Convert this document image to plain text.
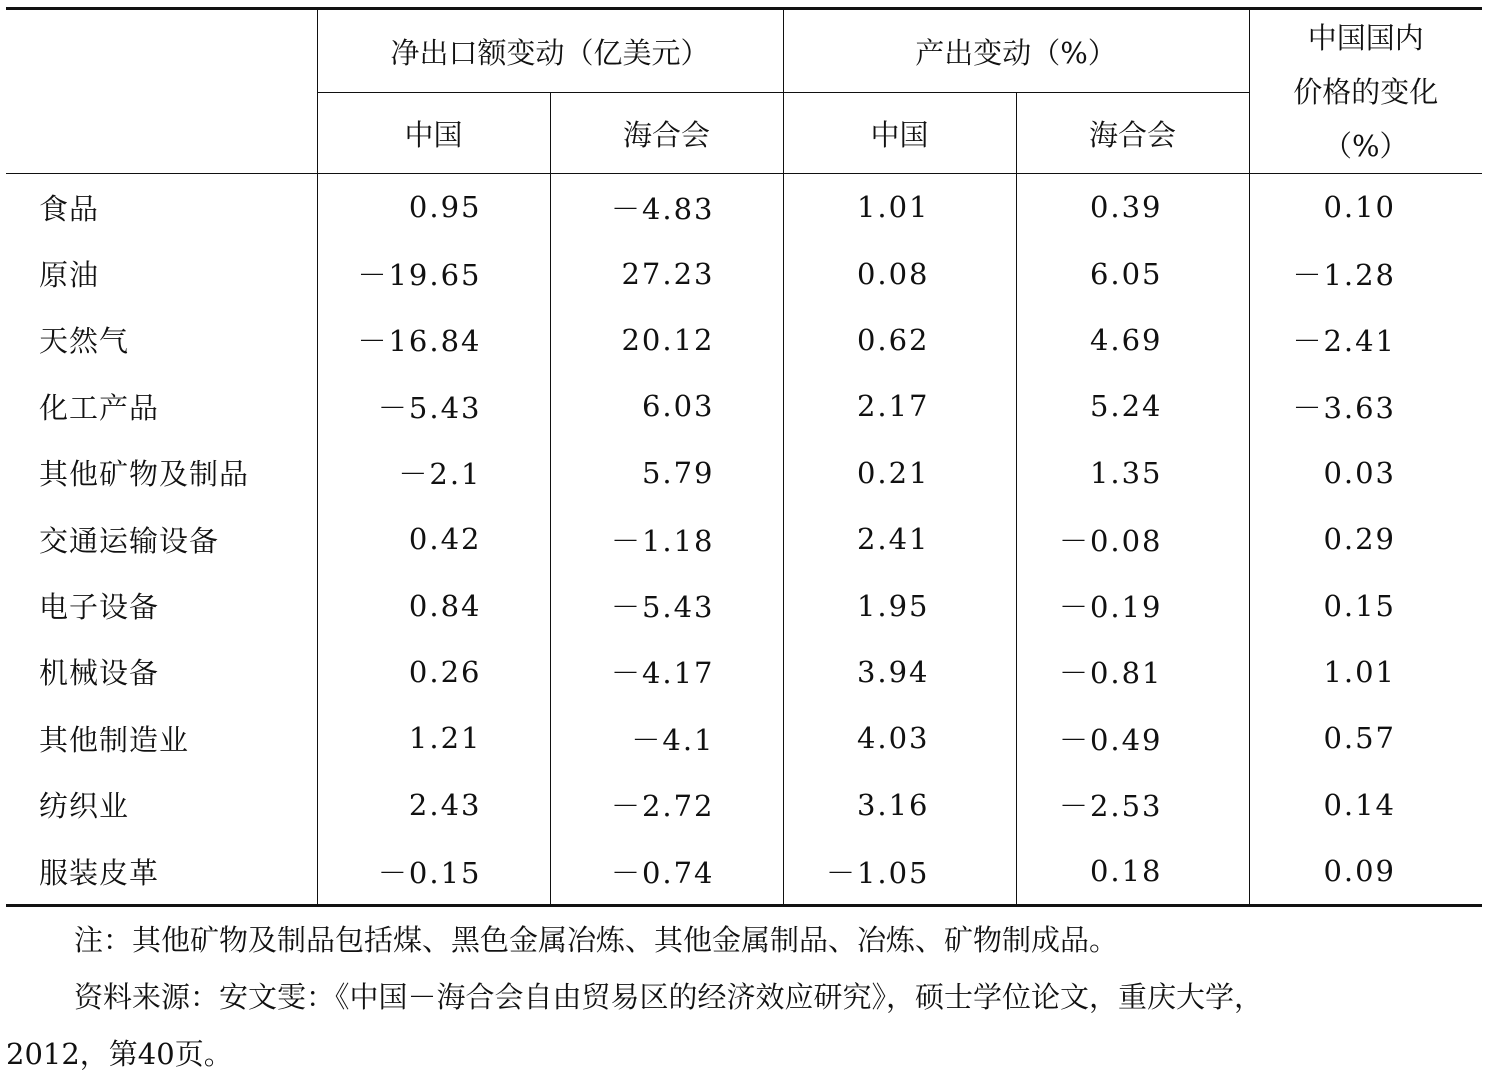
	净出口额变动（亿美元）		产出变动（%）		中国国内
价格的变化
（%）

	中国	海合会	中国	海合会	
食品	0.95	－4.83	1.01	0.39	0.10
原油	－19.65	27.23	0.08	6.05	－1.28
天然气	－16.84	20.12	0.62	4.69	－2.41
化工产品	－5.43	6.03	2.17	5.24	－3.63
其他矿物及制品	－2.1	5.79	0.21	1.35	0.03
交通运输设备	0.42	－1.18	2.41	－0.08	0.29
电子设备	0.84	－5.43	1.95	－0.19	0.15
机械设备	0.26	－4.17	3.94	－0.81	1.01
其他制造业	1.21	－4.1	4.03	－0.49	0.57
纺织业	2.43	－2.72	3.16	－2.53	0.14
服装皮革	－0.15	－0.74	－1.05	0.18	0.09

注：其他矿物及制品包括煤、黑色金属冶炼、其他金属制品、冶炼、矿物制成品。

资料来源：安文雯：《中国－海合会自由贸易区的经济效应研究》，硕士学位论文，重庆大学，

2012，第40页。
